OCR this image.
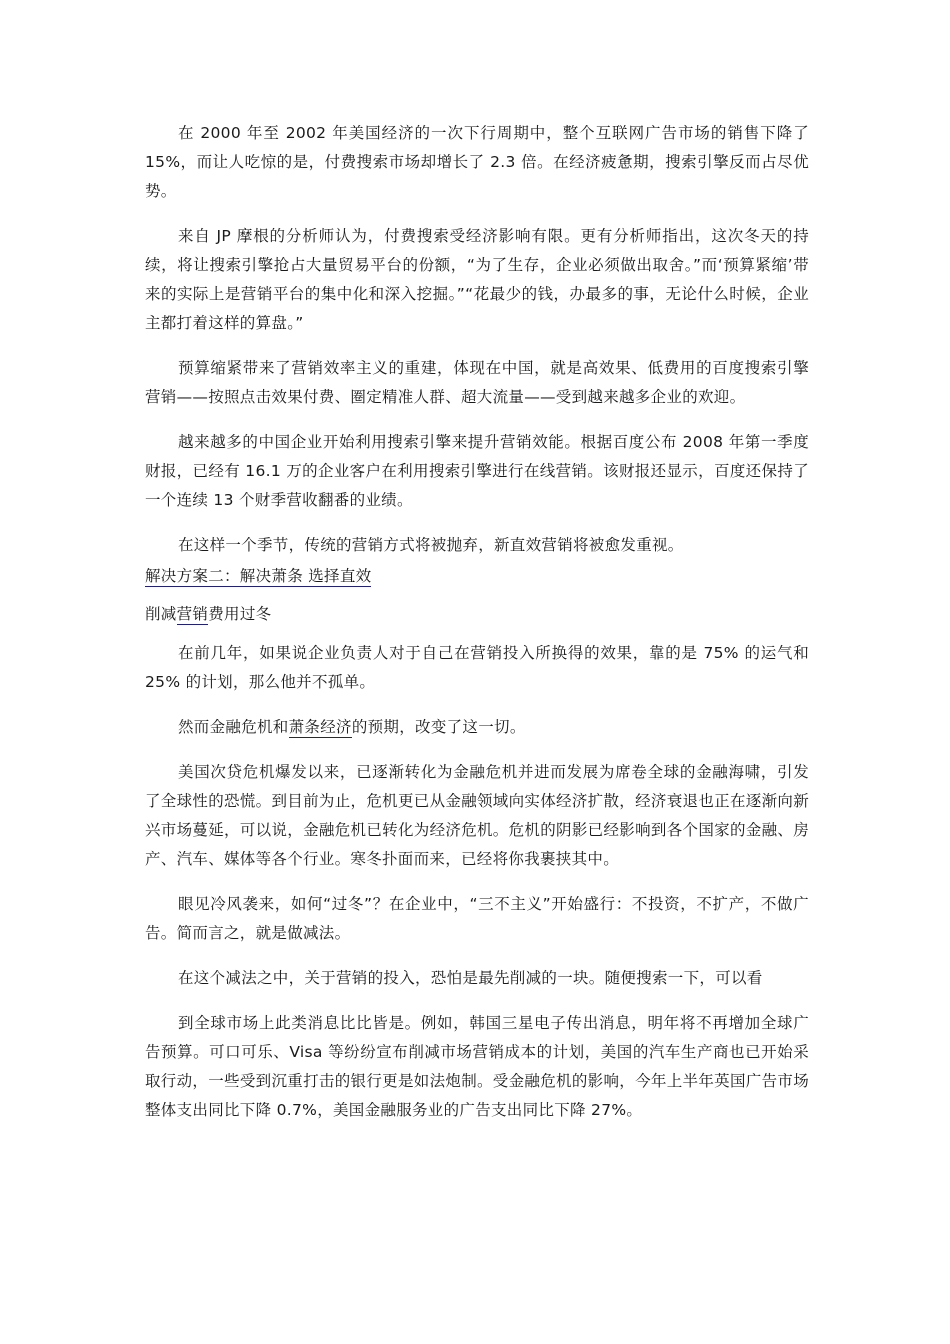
在 2000 年至 2002 年美国经济的一次下行周期中，整个互联网广告市场的销售下降了 15%，而让人吃惊的是，付费搜索市场却增长了 2.3 倍。在经济疲惫期，搜索引擎反而占尽优势。

来自 JP 摩根的分析师认为，付费搜索受经济影响有限。更有分析师指出，这次冬天的持续，将让搜索引擎抢占大量贸易平台的份额，“为了生存，企业必须做出取舍。”而‘预算紧缩’带来的实际上是营销平台的集中化和深入挖掘。”“花最少的钱，办最多的事，无论什么时候，企业主都打着这样的算盘。”

预算缩紧带来了营销效率主义的重建，体现在中国，就是高效果、低费用的百度搜索引擎营销——按照点击效果付费、圈定精准人群、超大流量——受到越来越多企业的欢迎。

越来越多的中国企业开始利用搜索引擎来提升营销效能。根据百度公布 2008 年第一季度财报，已经有 16.1 万的企业客户在利用搜索引擎进行在线营销。该财报还显示，百度还保持了一个连续 13 个财季营收翻番的业绩。

在这样一个季节，传统的营销方式将被抛弃，新直效营销将被愈发重视。

解决方案二：解决萧条 选择直效
削减营销费用过冬

在前几年，如果说企业负责人对于自己在营销投入所换得的效果，靠的是 75% 的运气和 25% 的计划，那么他并不孤单。

然而金融危机和萧条经济的预期，改变了这一切。

美国次贷危机爆发以来，已逐渐转化为金融危机并进而发展为席卷全球的金融海啸，引发了全球性的恐慌。到目前为止，危机更已从金融领域向实体经济扩散，经济衰退也正在逐渐向新兴市场蔓延，可以说，金融危机已转化为经济危机。危机的阴影已经影响到各个国家的金融、房产、汽车、媒体等各个行业。寒冬扑面而来，已经将你我裹挟其中。

眼见冷风袭来，如何“过冬”？在企业中，“三不主义”开始盛行：不投资，不扩产，不做广告。简而言之，就是做减法。

在这个减法之中，关于营销的投入，恐怕是最先削减的一块。随便搜索一下，可以看

到全球市场上此类消息比比皆是。例如，韩国三星电子传出消息，明年将不再增加全球广告预算。可口可乐、Visa 等纷纷宣布削减市场营销成本的计划，美国的汽车生产商也已开始采取行动，一些受到沉重打击的银行更是如法炮制。受金融危机的影响，今年上半年英国广告市场整体支出同比下降 0.7%，美国金融服务业的广告支出同比下降 27%。
